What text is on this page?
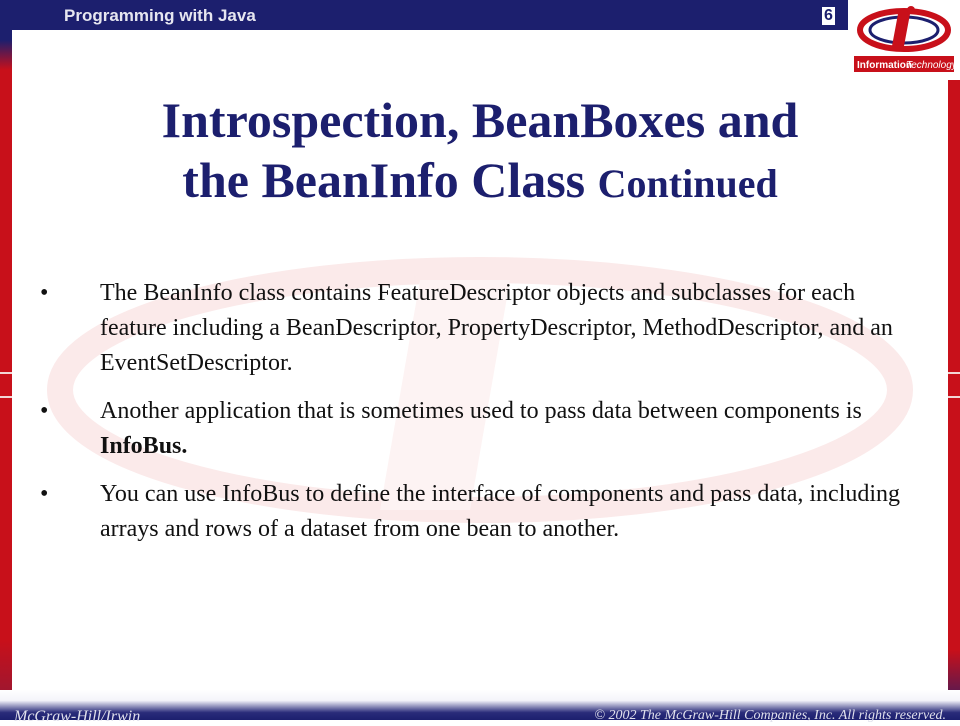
Programming with Java	6
Information
Technology
Introspection, BeanBoxes and
the BeanInfo Class Continued
• The BeanInfo class contains FeatureDescriptor objects and subclasses for each feature including a BeanDescriptor, PropertyDescriptor, MethodDescriptor, and an EventSetDescriptor.
• Another application that is sometimes used to pass data between components is InfoBus.
• You can use InfoBus to define the interface of components and pass data, including arrays and rows of a dataset from one bean to another.
McGraw-Hill/Irwin	© 2002 The McGraw-Hill Companies, Inc. All rights reserved.
